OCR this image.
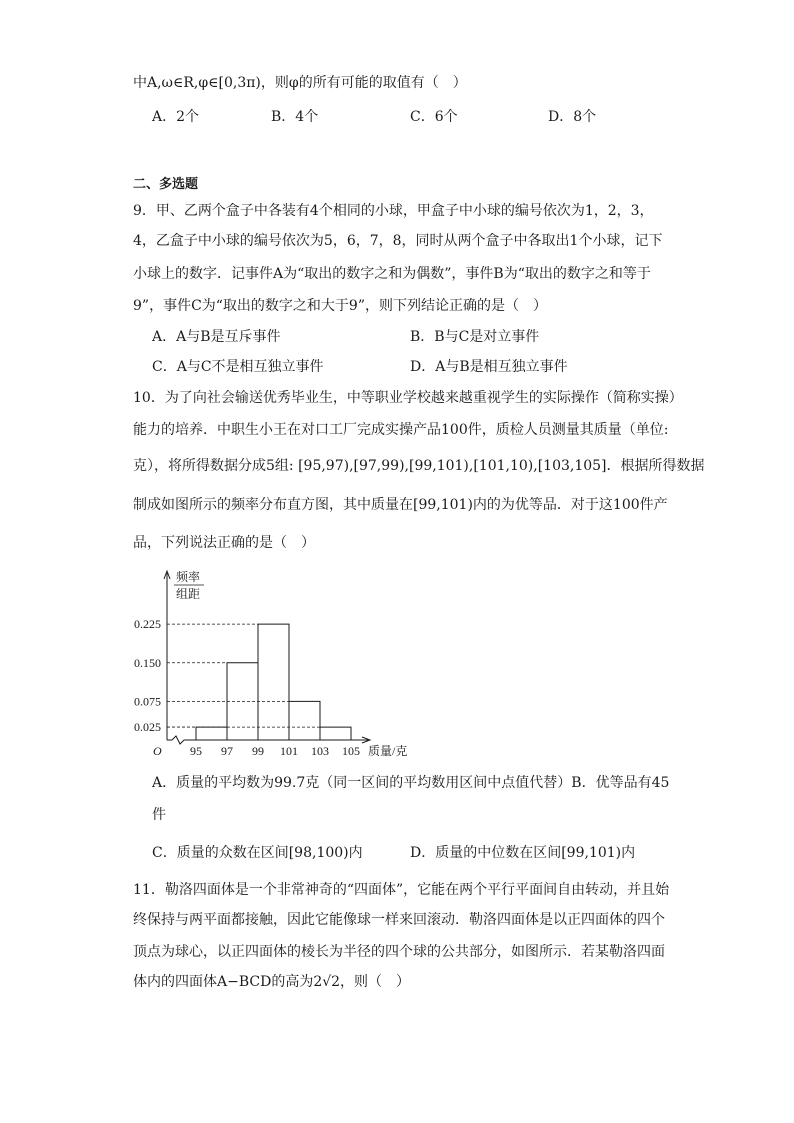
中A,ω∈R,φ∈[0,3π)，则φ的所有可能的取值有（　）
A．2个	B．4个	C．6个	D．8个
二、多选题
9．甲、乙两个盒子中各装有4个相同的小球，甲盒子中小球的编号依次为1，2，3，
4，乙盒子中小球的编号依次为5，6，7，8，同时从两个盒子中各取出1个小球，记下
小球上的数字．记事件A为“取出的数字之和为偶数”，事件B为“取出的数字之和等于
9”，事件C为“取出的数字之和大于9”，则下列结论正确的是（　）
A．A与B是互斥事件	B．B与C是对立事件
C．A与C不是相互独立事件	D．A与B是相互独立事件
10．为了向社会输送优秀毕业生，中等职业学校越来越重视学生的实际操作（简称实操）
能力的培养．中职生小王在对口工厂完成实操产品100件，质检人员测量其质量（单位:
克），将所得数据分成5组: [95,97),[97,99),[99,101),[101,10),[103,105]．根据所得数据
制成如图所示的频率分布直方图，其中质量在[99,101)内的为优等品．对于这100件产
品，下列说法正确的是（　）
频率
组距
0.025
0.075
0.150
0.225
95 97 99 101 103 105
O	质量/克
A．质量的平均数为99.7克（同一区间的平均数用区间中点值代替）B．优等品有45
件
C．质量的众数在区间[98,100)内	D．质量的中位数在区间[99,101)内
11．勒洛四面体是一个非常神奇的“四面体”，它能在两个平行平面间自由转动，并且始
终保持与两平面都接触，因此它能像球一样来回滚动．勒洛四面体是以正四面体的四个
顶点为球心，以正四面体的棱长为半径的四个球的公共部分，如图所示．若某勒洛四面
体内的四面体A−BCD的高为2√2，则（　）
